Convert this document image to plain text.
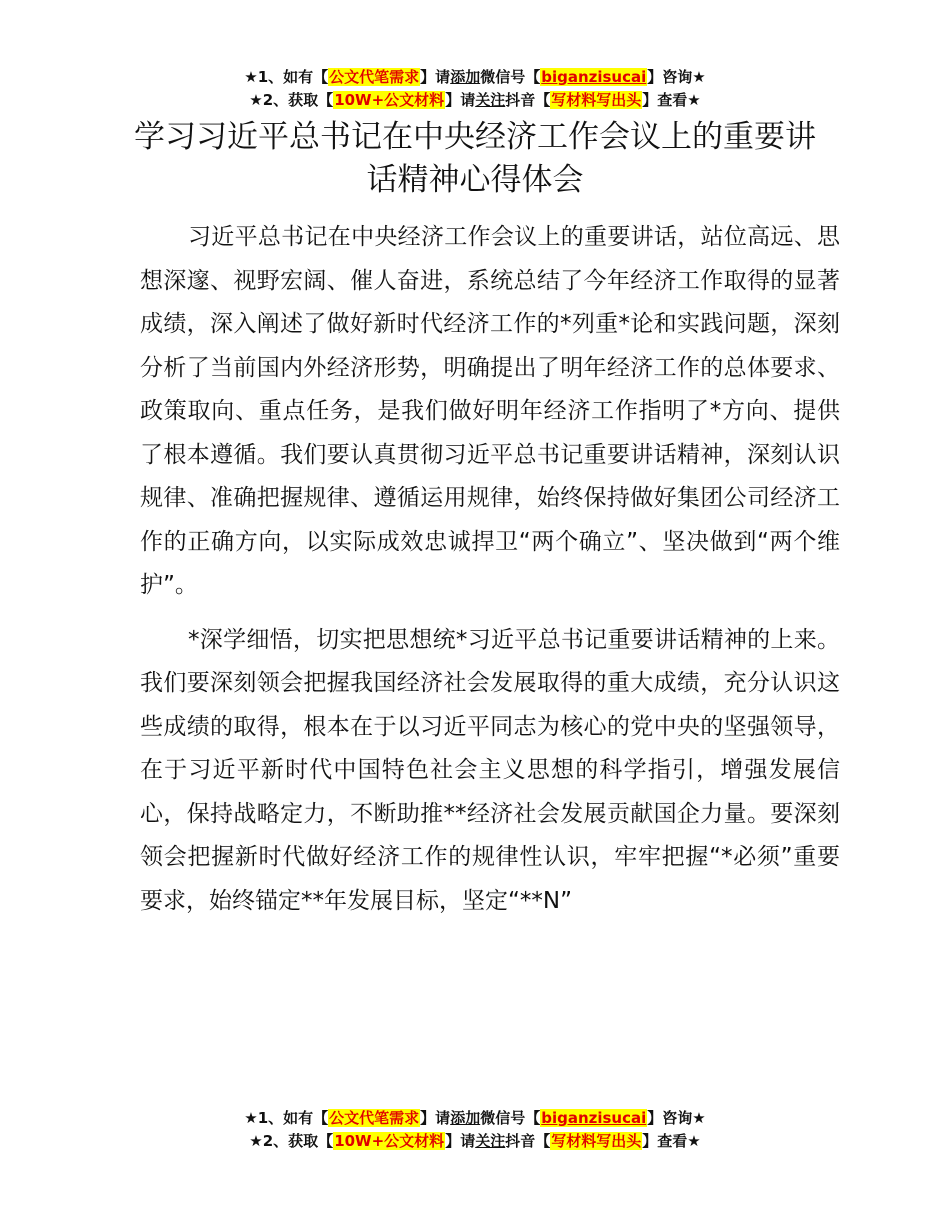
★1、如有【公文代笔需求】请添加微信号【biganzisucai】咨询★
★2、获取【10W+公文材料】请关注抖音【写材料写出头】查看★
学习习近平总书记在中央经济工作会议上的重要讲话精神心得体会

习近平总书记在中央经济工作会议上的重要讲话，站位高远、思想深邃、视野宏阔、催人奋进，系统总结了今年经济工作取得的显著成绩，深入阐述了做好新时代经济工作的*列重*论和实践问题，深刻分析了当前国内外经济形势，明确提出了明年经济工作的总体要求、政策取向、重点任务，是我们做好明年经济工作指明了*方向、提供了根本遵循。我们要认真贯彻习近平总书记重要讲话精神，深刻认识规律、准确把握规律、遵循运用规律，始终保持做好集团公司经济工作的正确方向，以实际成效忠诚捍卫“两个确立”、坚决做到“两个维护”。

*深学细悟，切实把思想统*习近平总书记重要讲话精神的上来。我们要深刻领会把握我国经济社会发展取得的重大成绩，充分认识这些成绩的取得，根本在于以习近平同志为核心的党中央的坚强领导，在于习近平新时代中国特色社会主义思想的科学指引，增强发展信心，保持战略定力，不断助推**经济社会发展贡献国企力量。要深刻领会把握新时代做好经济工作的规律性认识，牢牢把握“*必须”重要要求，始终锚定**年发展目标，坚定“**N”

★1、如有【公文代笔需求】请添加微信号【biganzisucai】咨询★
★2、获取【10W+公文材料】请关注抖音【写材料写出头】查看★
